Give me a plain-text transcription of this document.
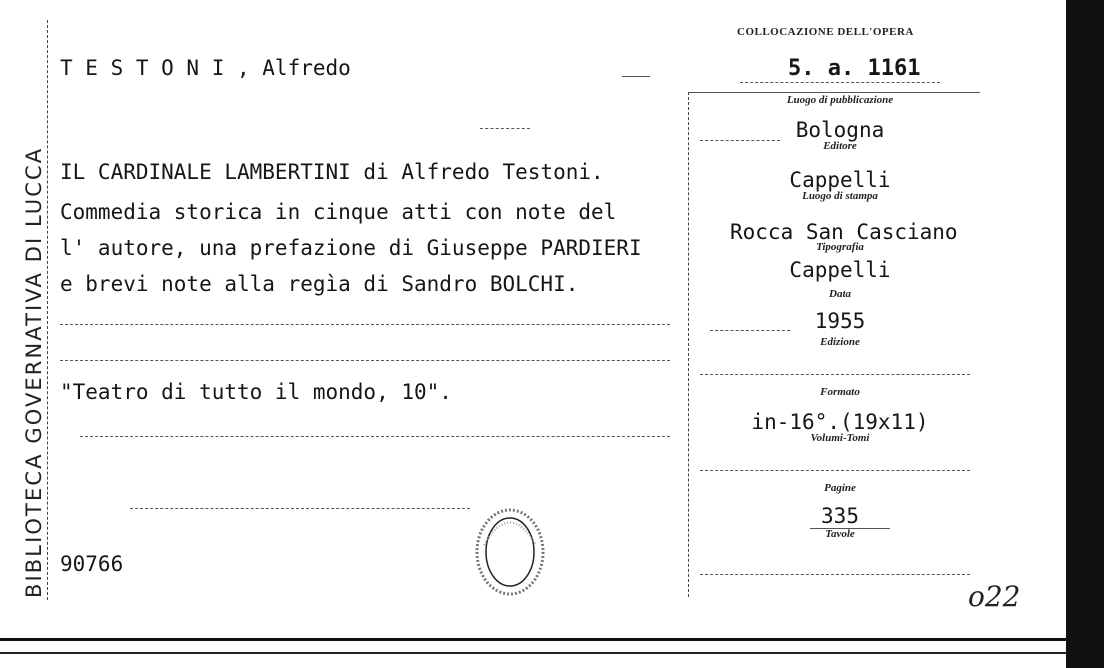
BIBLIOTECA GOVERNATIVA DI LUCCA
COLLOCAZIONE DELL'OPERA
5. a. 1161
T E S T O N I , Alfredo
IL CARDINALE LAMBERTINI di Alfredo Testoni.
Commedia storica in cinque atti con note del
l' autore, una prefazione di Giuseppe PARDIERI
e brevi note alla regìa di Sandro BOLCHI.
"Teatro di tutto il mondo, 10".
90766
Luogo di pubblicazione
Bologna
Editore
Cappelli
Luogo di stampa
Rocca San Casciano
Tipografia
Cappelli
Data
1955
Edizione
Formato
in-16°.(19x11)
Volumi-Tomi
Pagine
335
Tavole
o22
